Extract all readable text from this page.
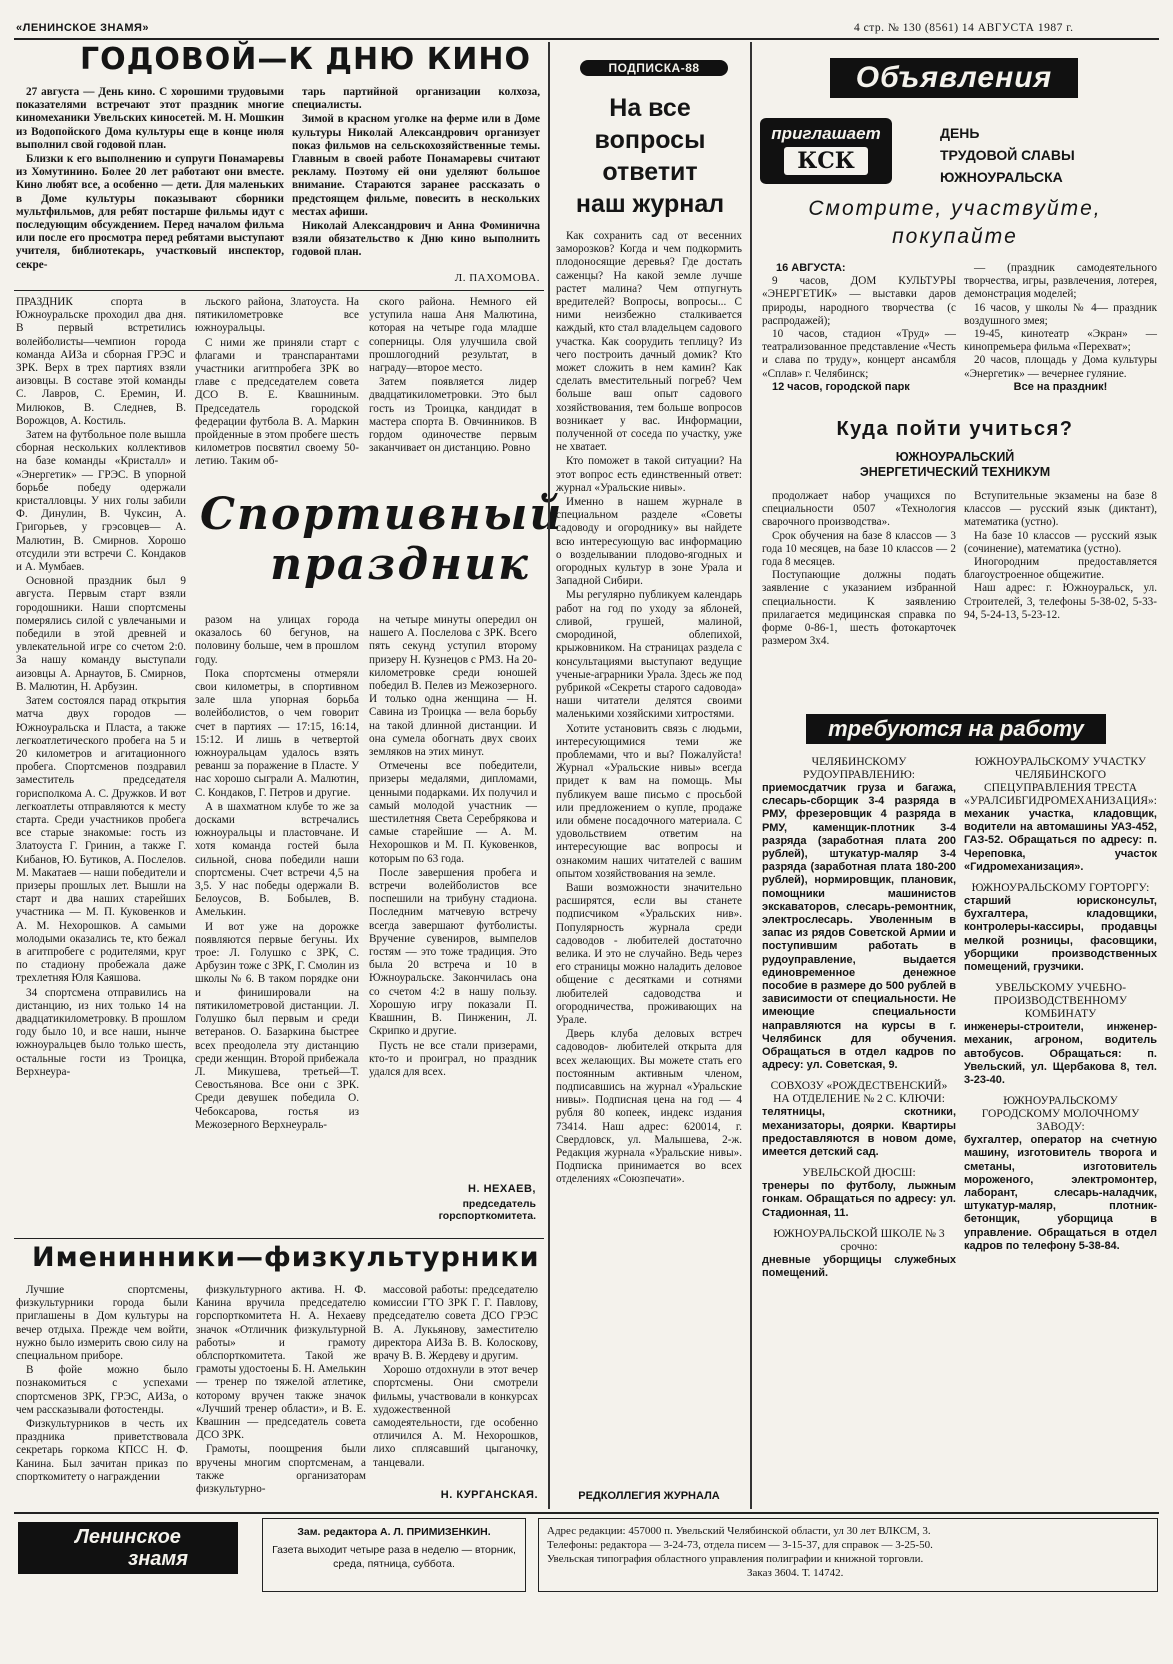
«ЛЕНИНСКОЕ ЗНАМЯ»	4 стр. № 130 (8561) 14 АВГУСТА 1987 г.
ГОДОВОЙ—К ДНЮ КИНО

27 августа — День кино. С хорошими трудовыми показателями встречают этот праздник многие киномеханики Увельских киносетей. М. Н. Мошкин из Водопойского Дома культуры еще в конце июля выполнил свой годовой план.

Близки к его выполнению и супруги Понамаревы из Хомутинино. Более 20 лет работают они вместе. Кино любят все, а особенно — дети. Для маленьких в Доме культуры показывают сборники мультфильмов, для ребят постарше фильмы идут с последующим обсуждением. Перед началом фильма или после его просмотра перед ребятами выступают учителя, библиотекарь, участковый инспектор, секре-

тарь партийной организации колхоза, специалисты.

Зимой в красном уголке на ферме или в Доме культуры Николай Александрович организует показ фильмов на сельскохозяйственные темы. Главным в своей работе Понамаревы считают рекламу. Поэтому ей они уделяют большое внимание. Стараются заранее рассказать о предстоящем фильме, повесить в нескольких местах афиши.

Николай Александрович и Анна Фоминична взяли обязательство к Дню кино выполнить годовой план.

Л. ПАХОМОВА.

ПРАЗДНИК спорта в Южноуральске проходил два дня. В первый встретились волейболисты—чемпион города команда АИЗа и сборная ГРЭС и ЗРК. Верх в трех партиях взяли аизовцы. В составе этой команды С. Лавров, С. Еремин, И. Милюков, В. Следнев, В. Ворожцов, А. Костиль.

Затем на футбольное поле вышла сборная нескольких коллективов на базе команды «Кристалл» и «Энергетик» — ГРЭС. В упорной борьбе победу одержали кристалловцы. У них голы забили Ф. Динулин, В. Чуксин, А. Григорьев, у грэсовцев— А. Малютин, В. Смирнов. Хорошо отсудили эти встречи С. Кондаков и А. Мумбаев.

Основной праздник был 9 августа. Первым старт взяли городошники. Наши спортсмены померялись силой с увлечаными и победили в этой древней и увлекательной игре со счетом 2:0. За нашу команду выступали аизовцы А. Арнаутов, Б. Смирнов, В. Малютин, Н. Арбузин.

Затем состоялся парад открытия матча двух городов — Южноуральска и Пласта, а также легкоатлетического пробега на 5 и 20 километров и агитационного пробега. Спортсменов поздравил заместитель председателя горисполкома А. С. Дружков. И вот легкоатлеты отправляются к месту старта. Среди участников пробега все старые знакомые: гость из Златоуста Г. Гринин, а также Г. Кибанов, Ю. Бутиков, А. Послелов. М. Макатаев — наши победители и призеры прошлых лет. Вышли на старт и два наших старейших участника — М. П. Куковенков и А. М. Нехорошков. А самыми молодыми оказались те, кто бежал в агитпробеге с родителями, круг по стадиону пробежала даже трехлетняя Юля Каяшова.

34 спортсмена отправились на дистанцию, из них только 14 на двадцатикилометровку. В прошлом году было 10, и все наши, нынче южноуральцев было только шесть, остальные гости из Троицка, Верхнеура-

льского района, Златоуста. На пятикилометровке все южноуральцы.

С ними же приняли старт с флагами и транспарантами участники агитпробега ЗРК во главе с председателем совета ДСО В. Е. Квашниным. Председатель городской федерации футбола В. А. Маркин пройденные в этом пробеге шесть километров посвятил своему 50-летию. Таким об-

ского района. Немного ей уступила наша Аня Малютина, которая на четыре года младше соперницы. Оля улучшила свой прошлогодний результат, в награду—второе место.

Затем появляется лидер двадцатикилометровки. Это был гость из Троицка, кандидат в мастера спорта В. Овчинников. В гордом одиночестве первым заканчивает он дистанцию. Ровно

Спортивный
праздник

разом на улицах города оказалось 60 бегунов, на половину больше, чем в прошлом году.

Пока спортсмены отмеряли свои километры, в спортивном зале шла упорная борьба волейболистов, о чем говорит счет в партиях — 17:15, 16:14, 15:12. И лишь в четвертой южноуральцам удалось взять реванш за поражение в Пласте. У нас хорошо сыграли А. Малютин, С. Кондаков, Г. Петров и другие.

А в шахматном клубе то же за досками встречались южноуральцы и пластовчане. И хотя команда гостей была сильной, снова победили наши спортсмены. Счет встречи 4,5 на 3,5. У нас победы одержали В. Белоусов, В. Бобылев, В. Амелькин.

И вот уже на дорожке появляются первые бегуны. Их трое: Л. Голушко с ЗРК, С. Арбузин тоже с ЗРК, Г. Смолин из школы № 6. В таком порядке они и финишировали на пятикилометровой дистанции. Л. Голушко был первым и среди ветеранов. О. Базаркина быстрее всех преодолела эту дистанцию среди женщин. Второй прибежала Л. Микушева, третьей—Т. Севостьянова. Все они с ЗРК. Среди девушек победила О. Чебоксарова, гостья из Межозерного Верхнеураль-

на четыре минуты опередил он нашего А. Послелова с ЗРК. Всего пять секунд уступил второму призеру Н. Кузнецов с РМЗ. На 20-километровке среди юношей победил В. Пелев из Межозерного. И только одна женщина — Н. Савина из Троицка — вела борьбу на такой длинной дистанции. И она сумела обогнать двух своих земляков на этих минут.

Отмечены все победители, призеры медалями, дипломами, ценными подарками. Их получил и самый молодой участник — шестилетняя Света Серебрякова и самые старейшие — А. М. Нехорошков и М. П. Куковенков, которым по 63 года.

После завершения пробега и встречи волейболистов все поспешили на трибуну стадиона. Последним матчевую встречу всегда завершают футболисты. Вручение сувениров, вымпелов гостям — это тоже традиция. Это была 20 встреча и 10 в Южноуральске. Закончилась она со счетом 4:2 в нашу пользу. Хорошую игру показали П. Квашнин, В. Пинженин, Л. Скрипко и другие.

Пусть не все стали призерами, кто-то и проиграл, но праздник удался для всех.

Н. НЕХАЕВ,
председатель горспорткомитета.
Именинники—физкультурники

Лучшие спортсмены, физкультурники города были приглашены в Дом культуры на вечер отдыха. Прежде чем войти, нужно было измерить свою силу на специальном приборе.

В фойе можно было познакомиться с успехами спортсменов ЗРК, ГРЭС, АИЗа, о чем рассказывали фотостенды.

Физкультурников в честь их праздника приветствовала секретарь горкома КПСС Н. Ф. Канина. Был зачитан приказ по спорткомитету о награждении

физкультурного актива. Н. Ф. Канина вручила председателю горспорткомитета Н. А. Нехаеву значок «Отличник физкультурной работы» и грамоту облспорткомитета. Такой же грамоты удостоены Б. Н. Амелькин — тренер по тяжелой атлетике, которому вручен также значок «Лучший тренер области», и В. Е. Квашнин — председатель совета ДСО ЗРК.

Грамоты, поощрения были вручены многим спортсменам, а также организаторам физкультурно-

массовой работы: председателю комиссии ГТО ЗРК Г. Г. Павлову, председателю совета ДСО ГРЭС В. А. Лукьянову, заместителю директора АИЗа В. В. Колоскову, врачу В. В. Жердеву и другим.

Хорошо отдохнули в этот вечер спортсмены. Они смотрели фильмы, участвовали в конкурсах художественной самодеятельности, где особенно отличился А. М. Нехорошков, лихо сплясавший цыганочку, танцевали.

Н. КУРГАНСКАЯ.
ПОДПИСКА-88
На все
вопросы
ответит
наш журнал

Как сохранить сад от весенних заморозков? Когда и чем подкормить плодоносящие деревья? Где достать саженцы? На какой земле лучше растет малина? Чем отпугнуть вредителей? Вопросы, вопросы... С ними неизбежно сталкивается каждый, кто стал владельцем садового участка. Как соорудить теплицу? Из чего построить дачный домик? Кто может сложить в нем камин? Как сделать вместительный погреб? Чем больше ваш опыт садового хозяйствования, тем больше вопросов возникает у вас. Информации, полученной от соседа по участку, уже не хватает.

Кто поможет в такой ситуации? На этот вопрос есть единственный ответ: журнал «Уральские нивы».

Именно в нашем журнале в специальном разделе «Советы садоводу и огороднику» вы найдете всю интересующую вас информацию о возделывании плодово-ягодных и огородных культур в зоне Урала и Западной Сибири.

Мы регулярно публикуем календарь работ на год по уходу за яблоней, сливой, грушей, малиной, смородиной, облепихой, крыжовником. На страницах раздела с консультациями выступают ведущие ученые-аграрники Урала. Здесь же под рубрикой «Секреты старого садовода» наши читатели делятся своими маленькими хозяйскими хитростями.

Хотите установить связь с людьми, интересующимися теми же проблемами, что и вы? Пожалуйста! Журнал «Уральские нивы» всегда придет к вам на помощь. Мы публикуем ваше письмо с просьбой или предложением о купле, продаже или обмене посадочного материала. С удовольствием ответим на интересующие вас вопросы и ознакомим наших читателей с вашим опытом хозяйствования на земле.

Ваши возможности значительно расширятся, если вы станете подписчиком «Уральских нив». Популярность журнала среди садоводов - любителей достаточно велика. И это не случайно. Ведь через его страницы можно наладить деловое общение с десятками и сотнями любителей садоводства и огородничества, проживающих на Урале.

Дверь клуба деловых встреч садоводов- любителей открыта для всех желающих. Вы можете стать его постоянным активным членом, подписавшись на журнал «Уральские нивы». Подписная цена на год — 4 рубля 80 копеек, индекс издания 73414. Наш адрес: 620014, г. Свердловск, ул. Малышева, 2-ж. Редакция журнала «Уральские нивы». Подписка принимается во всех отделениях «Союзпечати».

РЕДКОЛЛЕГИЯ ЖУРНАЛА
Объявления
приглашает
КСК
ДЕНЬ
ТРУДОВОЙ СЛАВЫ
ЮЖНОУРАЛЬСКА
Смотрите, участвуйте,
покупайте
16 АВГУСТА:
9 часов, ДОМ КУЛЬТУРЫ «ЭНЕРГЕТИК» — выставки даров природы, народного творчества (с распродажей);
10 часов, стадион «Труд» — театрализованное представление «Честь и слава по труду», концерт ансамбля «Сплав» г. Челябинск;
12 часов, городской парк
— (праздник самодеятельного творчества, игры, развлечения, лотерея, демонстрация моделей;
16 часов, у школы № 4— праздник воздушного змея;
19-45, кинотеатр «Экран» — кинопремьера фильма «Перехват»;
20 часов, площадь у Дома культуры «Энергетик» — вечернее гуляние.
Все на праздник!
Куда пойти учиться?
ЮЖНОУРАЛЬСКИЙ
ЭНЕРГЕТИЧЕСКИЙ ТЕХНИКУМ
продолжает набор учащихся по специальности 0507 «Технология сварочного производства».
Срок обучения на базе 8 классов — 3 года 10 месяцев, на базе 10 классов — 2 года 8 месяцев.
Поступающие должны подать заявление с указанием избранной специальности. К заявлению прилагается медицинская справка по форме 0-86-1, шесть фотокарточек размером 3х4.
Вступительные экзамены на базе 8 классов — русский язык (диктант), математика (устно).
На базе 10 классов — русский язык (сочинение), математика (устно).
Иногородним предоставляется благоустроенное общежитие.
Наш адрес: г. Южноуральск, ул. Строителей, 3, телефоны 5-38-02, 5-33-94, 5-24-13, 5-23-12.
требуются на работу
ЧЕЛЯБИНСКОМУ РУДОУПРАВЛЕНИЮ:
приемосдатчик груза и багажа, слесарь-сборщик 3-4 разряда в РМУ, фрезеровщик 4 разряда в РМУ, каменщик-плотник 3-4 разряда (заработная плата 200 рублей), штукатур-маляр 3-4 разряда (заработная плата 180-200 рублей), нормировщик, плановик, помощники машинистов экскаваторов, слесарь-ремонтник, электрослесарь. Уволенным в запас из рядов Советской Армии и поступившим работать в рудоуправление, выдается единовременное денежное пособие в размере до 500 рублей в зависимости от специальности. Не имеющие специальности направляются на курсы в г. Челябинск для обучения. Обращаться в отдел кадров по адресу: ул. Советская, 9.
СОВХОЗУ «РОЖДЕСТВЕНСКИЙ» НА ОТДЕЛЕНИЕ № 2 С. КЛЮЧИ:
телятницы, скотники, механизаторы, доярки. Квартиры предоставляются в новом доме, имеется детский сад.
УВЕЛЬСКОЙ ДЮСШ:
тренеры по футболу, лыжным гонкам. Обращаться по адресу: ул. Стадионная, 11.
ЮЖНОУРАЛЬСКОЙ ШКОЛЕ № 3 срочно:
дневные уборщицы служебных помещений.
ЮЖНОУРАЛЬСКОМУ УЧАСТКУ ЧЕЛЯБИНСКОГО СПЕЦУПРАВЛЕНИЯ ТРЕСТА «УРАЛСИБГИДРОМЕХАНИЗАЦИЯ»:
механик участка, кладовщик, водители на автомашины УАЗ-452, ГАЗ-52. Обращаться по адресу: п. Череповка, участок «Гидромеханизация».
ЮЖНОУРАЛЬСКОМУ ГОРТОРГУ:
старший юрисконсульт, бухгалтера, кладовщики, контролеры-кассиры, продавцы мелкой розницы, фасовщики, уборщики производственных помещений, грузчики.
УВЕЛЬСКОМУ УЧЕБНО-ПРОИЗВОДСТВЕННОМУ КОМБИНАТУ
инженеры-строители, инженер-механик, агроном, водитель автобусов. Обращаться: п. Увельский, ул. Щербакова 8, тел. 3-23-40.
ЮЖНОУРАЛЬСКОМУ ГОРОДСКОМУ МОЛОЧНОМУ ЗАВОДУ:
бухгалтер, оператор на счетную машину, изготовитель творога и сметаны, изготовитель мороженого, электромонтер, лаборант, слесарь-наладчик, штукатур-маляр, плотник-бетонщик, уборщица в управление. Обращаться в отдел кадров по телефону 5-38-84.
Ленинское
знамя
Зам. редактора А. Л. ПРИМИЗЕНКИН.
Газета выходит четыре раза в неделю — вторник, среда, пятница, суббота.
Адрес редакции: 457000 п. Увельский Челябинской области, ул 30 лет ВЛКСМ, 3.
Телефоны: редактора — 3-24-73, отдела писем — 3-15-37, для справок — 3-25-50.
Увельская типография областного управления полиграфии и книжной торговли.
Заказ 3604. Т. 14742.
